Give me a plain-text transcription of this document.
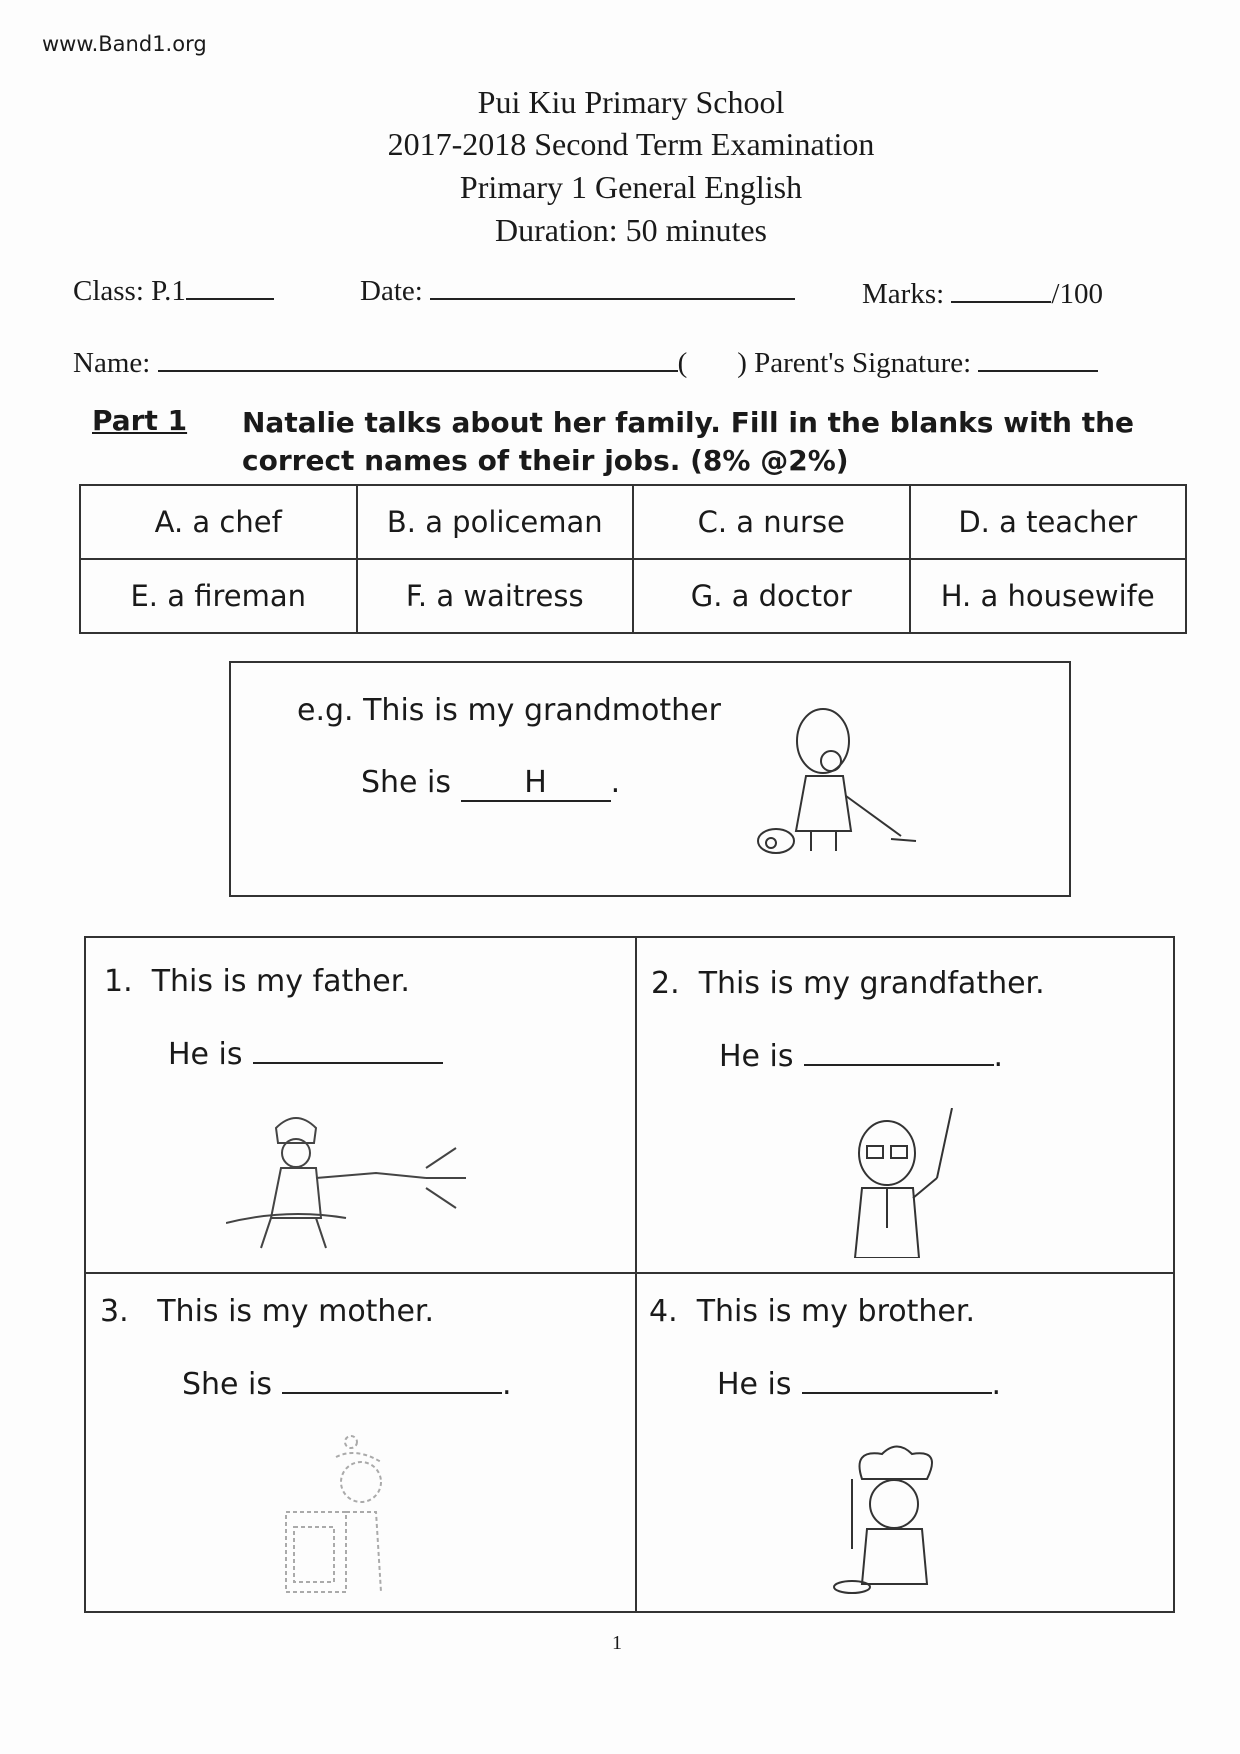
www.Band1.org
Pui Kiu Primary School
2017-2018 Second Term Examination
Primary 1 General English
Duration: 50 minutes
Class: P.1	Date:	Marks:	/100
Name:	( ) Parent's Signature:
Part 1 Natalie talks about her family. Fill in the blanks with the correct names of their jobs. (8% @2%)
A. a chef	B. a policeman	C. a nurse	D. a teacher
E. a fireman	F. a waitress	G. a doctor	H. a housewife
e.g. This is my grandmother
She is H .
1. This is my father.
He is
2. This is my grandfather.
He is	.
3. This is my mother.
She is	.
4. This is my brother.
He is	.
1
